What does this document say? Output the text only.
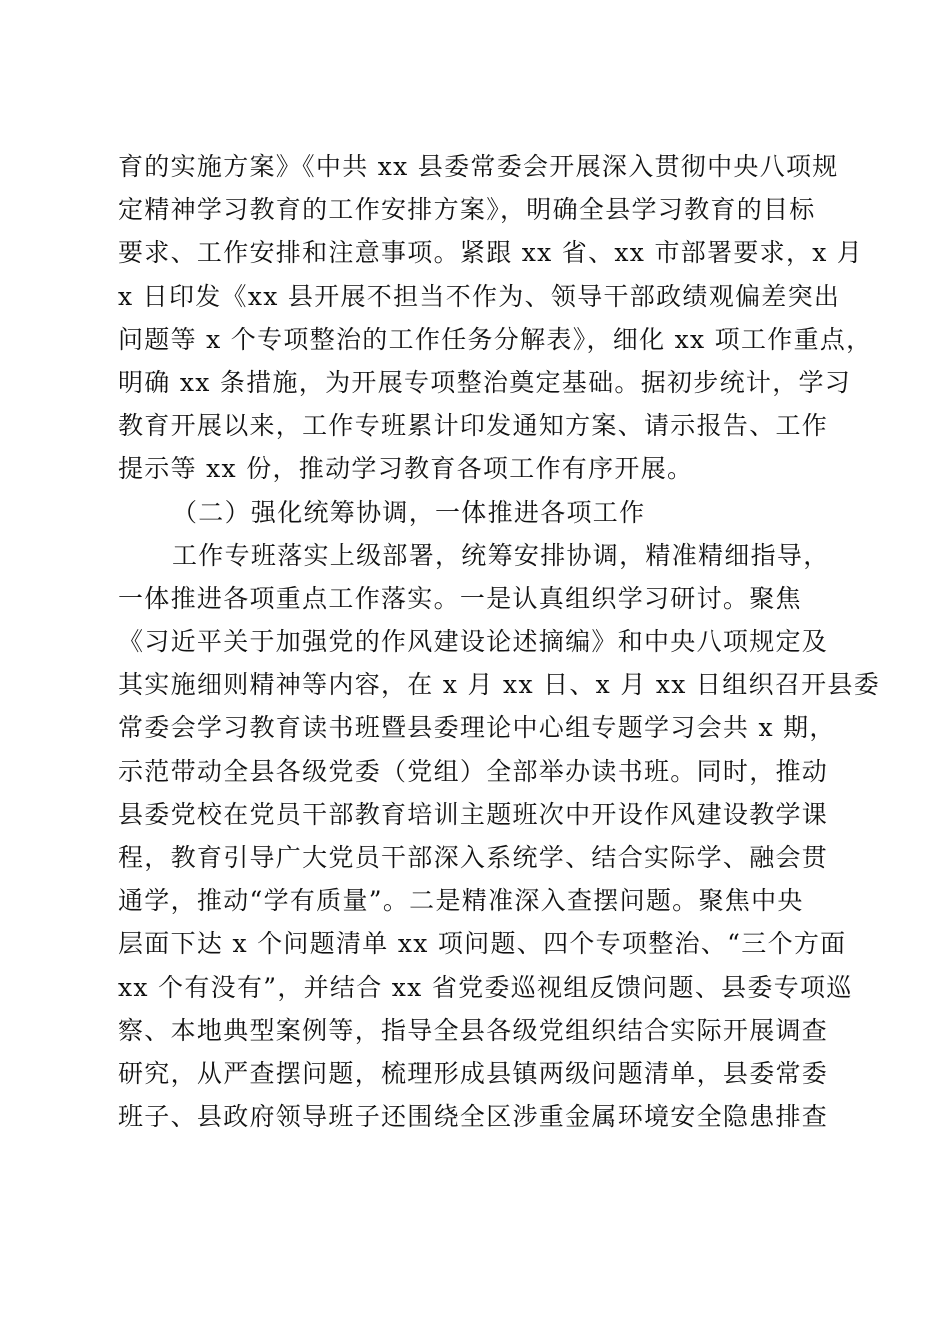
育的实施方案》《中共 xx 县委常委会开展深入贯彻中央八项规
定精神学习教育的工作安排方案》，明确全县学习教育的目标
要求、工作安排和注意事项。紧跟 xx 省、xx 市部署要求，x 月
x 日印发《xx 县开展不担当不作为、领导干部政绩观偏差突出
问题等 x 个专项整治的工作任务分解表》，细化 xx 项工作重点，
明确 xx 条措施，为开展专项整治奠定基础。据初步统计，学习
教育开展以来，工作专班累计印发通知方案、请示报告、工作
提示等 xx 份，推动学习教育各项工作有序开展。
（二）强化统筹协调，一体推进各项工作
工作专班落实上级部署，统筹安排协调，精准精细指导，
一体推进各项重点工作落实。一是认真组织学习研讨。聚焦
《习近平关于加强党的作风建设论述摘编》和中央八项规定及
其实施细则精神等内容，在 x 月 xx 日、x 月 xx 日组织召开县委
常委会学习教育读书班暨县委理论中心组专题学习会共 x 期，
示范带动全县各级党委（党组）全部举办读书班。同时，推动
县委党校在党员干部教育培训主题班次中开设作风建设教学课
程，教育引导广大党员干部深入系统学、结合实际学、融会贯
通学，推动“学有质量”。二是精准深入查摆问题。聚焦中央
层面下达 x 个问题清单 xx 项问题、四个专项整治、“三个方面
xx 个有没有”，并结合 xx 省党委巡视组反馈问题、县委专项巡
察、本地典型案例等，指导全县各级党组织结合实际开展调查
研究，从严查摆问题，梳理形成县镇两级问题清单，县委常委
班子、县政府领导班子还围绕全区涉重金属环境安全隐患排查
